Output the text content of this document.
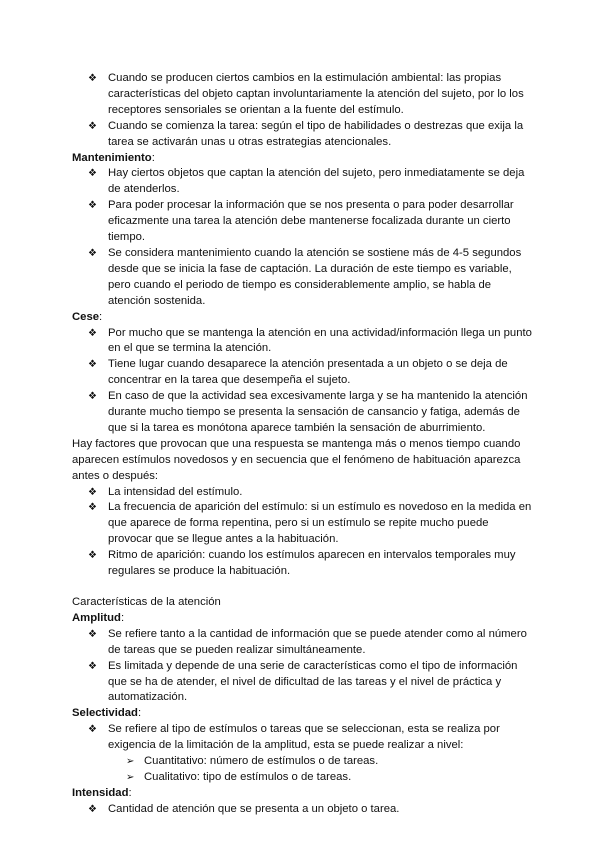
❖ Cuando se producen ciertos cambios en la estimulación ambiental: las propias características del objeto captan involuntariamente la atención del sujeto, por lo los receptores sensoriales se orientan a la fuente del estímulo.
❖ Cuando se comienza la tarea: según el tipo de habilidades o destrezas que exija la tarea se activarán unas u otras estrategias atencionales.
Mantenimiento:
❖ Hay ciertos objetos que captan la atención del sujeto, pero inmediatamente se deja de atenderlos.
❖ Para poder procesar la información que se nos presenta o para poder desarrollar eficazmente una tarea la atención debe mantenerse focalizada durante un cierto tiempo.
❖ Se considera mantenimiento cuando la atención se sostiene más de 4-5 segundos desde que se inicia la fase de captación. La duración de este tiempo es variable, pero cuando el periodo de tiempo es considerablemente amplio, se habla de atención sostenida.
Cese:
❖ Por mucho que se mantenga la atención en una actividad/información llega un punto en el que se termina la atención.
❖ Tiene lugar cuando desaparece la atención presentada a un objeto o se deja de concentrar en la tarea que desempeña el sujeto.
❖ En caso de que la actividad sea excesivamente larga y se ha mantenido la atención durante mucho tiempo se presenta la sensación de cansancio y fatiga, además de que si la tarea es monótona aparece también la sensación de aburrimiento.
Hay factores que provocan que una respuesta se mantenga más o menos tiempo cuando aparecen estímulos novedosos y en secuencia que el fenómeno de habituación aparezca antes o después:
❖ La intensidad del estímulo.
❖ La frecuencia de aparición del estímulo: si un estímulo es novedoso en la medida en que aparece de forma repentina, pero si un estímulo se repite mucho puede provocar que se llegue antes a la habituación.
❖ Ritmo de aparición: cuando los estímulos aparecen en intervalos temporales muy regulares se produce la habituación.
Características de la atención
Amplitud:
❖ Se refiere tanto a la cantidad de información que se puede atender como al número de tareas que se pueden realizar simultáneamente.
❖ Es limitada y depende de una serie de características como el tipo de información que se ha de atender, el nivel de dificultad de las tareas y el nivel de práctica y automatización.
Selectividad:
❖ Se refiere al tipo de estímulos o tareas que se seleccionan, esta se realiza por exigencia de la limitación de la amplitud, esta se puede realizar a nivel:
➢ Cuantitativo: número de estímulos o de tareas.
➢ Cualitativo: tipo de estímulos o de tareas.
Intensidad:
❖ Cantidad de atención que se presenta a un objeto o tarea.
